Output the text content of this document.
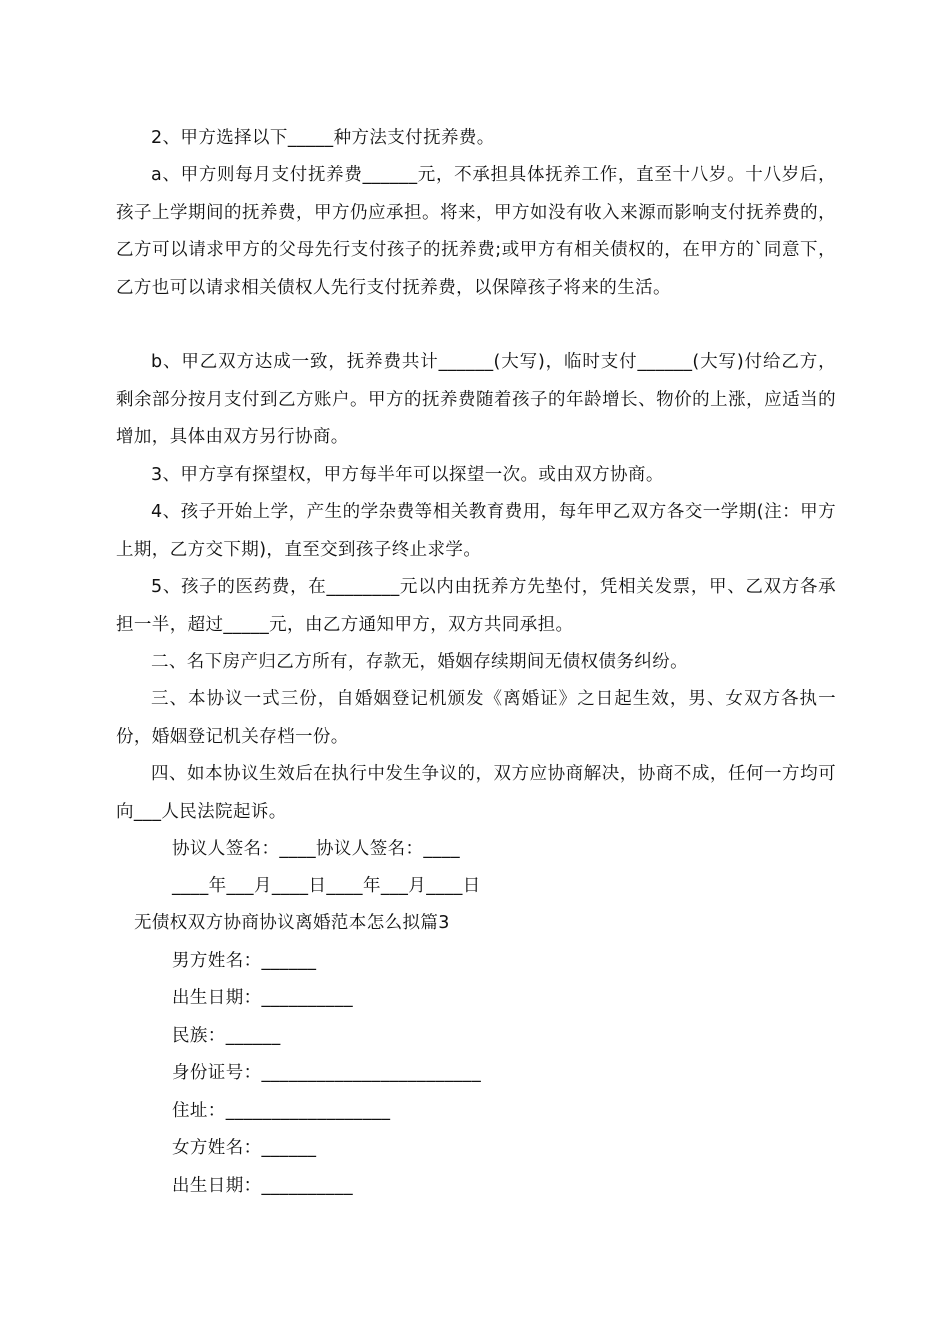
2、甲方选择以下_____种方法支付抚养费。

a、甲方则每月支付抚养费______元，不承担具体抚养工作，直至十八岁。十八岁后，孩子上学期间的抚养费，甲方仍应承担。将来，甲方如没有收入来源而影响支付抚养费的，乙方可以请求甲方的父母先行支付孩子的抚养费;或甲方有相关债权的，在甲方的`同意下，乙方也可以请求相关债权人先行支付抚养费，以保障孩子将来的生活。

b、甲乙双方达成一致，抚养费共计______(大写)，临时支付______(大写)付给乙方，剩余部分按月支付到乙方账户。甲方的抚养费随着孩子的年龄增长、物价的上涨，应适当的增加，具体由双方另行协商。

3、甲方享有探望权，甲方每半年可以探望一次。或由双方协商。

4、孩子开始上学，产生的学杂费等相关教育费用，每年甲乙双方各交一学期(注：甲方上期，乙方交下期)，直至交到孩子终止求学。

5、孩子的医药费，在________元以内由抚养方先垫付，凭相关发票，甲、乙双方各承担一半，超过_____元，由乙方通知甲方，双方共同承担。

二、名下房产归乙方所有，存款无，婚姻存续期间无债权债务纠纷。

三、本协议一式三份，自婚姻登记机颁发《离婚证》之日起生效，男、女双方各执一份，婚姻登记机关存档一份。

四、如本协议生效后在执行中发生争议的，双方应协商解决，协商不成，任何一方均可向___人民法院起诉。

协议人签名：____协议人签名：____
____年___月____日____年___月____日
无债权双方协商协议离婚范本怎么拟篇3
男方姓名：______
出生日期：__________
民族：______
身份证号：________________________
住址：__________________
女方姓名：______
出生日期：__________
